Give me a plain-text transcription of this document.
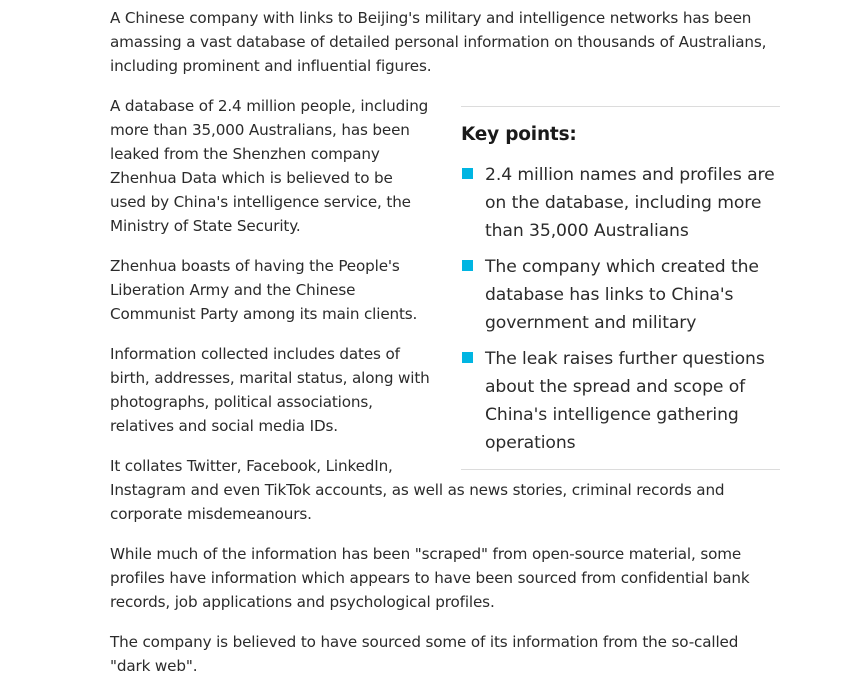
A Chinese company with links to Beijing's military and intelligence networks has been amassing a vast database of detailed personal information on thousands of Australians, including prominent and influential figures.

Key points:
2.4 million names and profiles are on the database, including more than 35,000 Australians
The company which created the database has links to China's government and military
The leak raises further questions about the spread and scope of China's intelligence gathering operations

A database of 2.4 million people, including more than 35,000 Australians, has been leaked from the Shenzhen company Zhenhua Data which is believed to be used by China's intelligence service, the Ministry of State Security.

Zhenhua boasts of having the People's Liberation Army and the Chinese Communist Party among its main clients.

Information collected includes dates of birth, addresses, marital status, along with photographs, political associations, relatives and social media IDs.

It collates Twitter, Facebook, LinkedIn, Instagram and even TikTok accounts, as well as news stories, criminal records and corporate misdemeanours.

While much of the information has been "scraped" from open-source material, some profiles have information which appears to have been sourced from confidential bank records, job applications and psychological profiles.

The company is believed to have sourced some of its information from the so-called "dark web".
